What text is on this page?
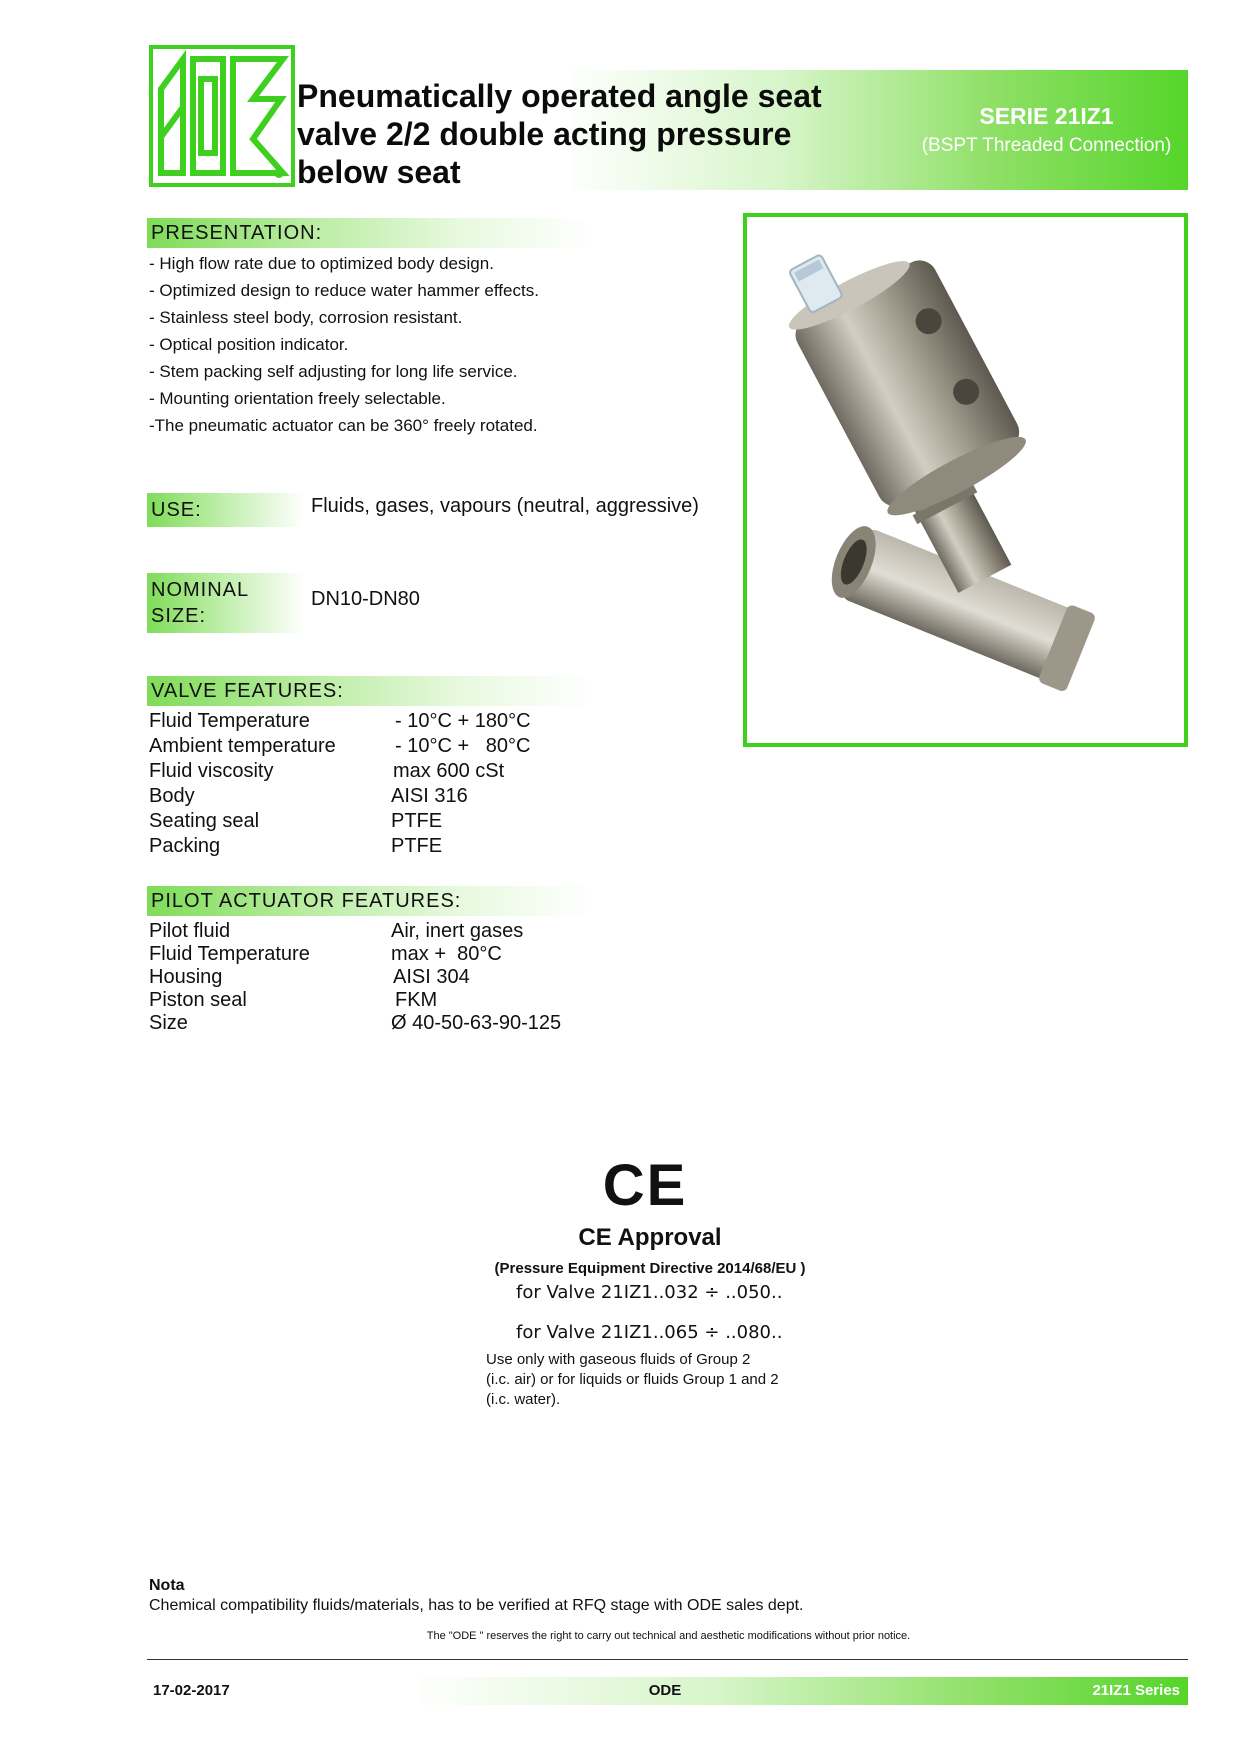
Pneumatically operated angle seat
valve 2/2 double acting pressure
below seat
SERIE 21IZ1
(BSPT Threaded Connection)
PRESENTATION:
- High flow rate due to optimized body design.
- Optimized design to reduce water hammer effects.
- Stainless steel body, corrosion resistant.
- Optical position indicator.
- Stem packing self adjusting for long life service.
- Mounting orientation freely selectable.
-The pneumatic actuator can be 360° freely rotated.
USE:	Fluids, gases, vapours (neutral, aggressive)
NOMINAL
SIZE:
DN10-DN80
VALVE FEATURES:
Fluid Temperature	- 10°C + 180°C
Ambient temperature	- 10°C +   80°C
Fluid viscosity	max 600 cSt
Body	AISI 316
Seating seal	PTFE
Packing	PTFE
PILOT ACTUATOR FEATURES:
Pilot fluid	Air, inert gases
Fluid Temperature	max +  80°C
Housing	AISI 304
Piston seal	FKM
Size	Ø 40-50-63-90-125
CE
CE Approval
(Pressure Equipment Directive 2014/68/EU )
for Valve 21IZ1..032 ÷ ..050..
for Valve 21IZ1..065 ÷ ..080..
Use only with gaseous fluids of Group 2
(i.c. air) or for liquids or fluids Group 1 and 2
(i.c. water).
Nota
Chemical compatibility fluids/materials, has to be verified at RFQ stage with ODE sales dept.
The "ODE " reserves the right to carry out technical and aesthetic modifications without prior notice.
17-02-2017	ODE	21IZ1 Series
